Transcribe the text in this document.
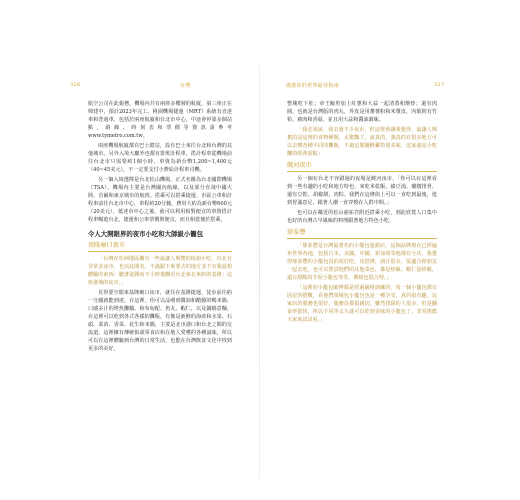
326	台灣	漫遊你的世界最佳指南	327

航空公司在此報務，機場內共有兩座多樓層的航廈，第三座正在興建中，預計2023年完工。桃園機場捷運（MRT）系統有直達車和普通車，包括於兩座航廈和台北市中心，中途會停靠多個站點，路線、時刻表和票價等資訊請參考www.tymetro.com.tw。

兩座機場航廈都有巴士總站，設有巴士來往台北和台灣的其他城市。另外入境大廳外也都有排班計程車，搭計程車從機場前往台北市只需要約1個小時，車資為新台幣1,200~1,400元（40~45美元），不一定要支付小費給計程車司機。

另一個入境選擇是台北松山機場，正式名稱為台北國際機場（TSA），機場內主要是台灣國內航線，以及部分直飛中國大陸、首爾和東京城市的航班。搭乘可以搭乘捷運、市區公車和計程車前往台北市中心，車程約20分鐘，費用大約為新台幣600元（20美元），抵達市中心之後，就可以利用相對便宜的車資搭計程車暢遊台北，捷運和公車票價則便宜，而且相當便於搭乘。

令人大開眼界的夜市小吃和大師級小籠包
基隆廟口夜市

「台灣在亞洲地區擁有一些最讓人興奮的街頭小吃，台北有非常多夜市，也以此聞名，不過跟下來要去的地方並不有我最想體驗的東西：聽著滋潤而不小時後觀看台北東北來約的基隆」這座港城的夜市。」

見得要空閒來基隆廟口夜市，就住在基隆捷運，徒步前往約一分鐘就能到達，在這裡，你可以品嚐到醬油和醋燒的鴨米腸、口感多汁的烤魚攤鵝、和布甸配、魚丸、蝦仁，以及鍋燒意麵，在這裡可以吃到各式各樣的攤販，有像是新鮮的海產和水果、石頭、菜苗、香菜、花生和米腸，主要是北市港口和台北之間的交流道，這裡擁有傳統街頭零食店和在地人愛嚐的各種滋味，所以可以在這裡體驗到台灣的日常生活，也能在台灣飲食文化中找到更多的美好。

整塊吃下肚；章王鯨魚加上紅蔥和大蒜一起清蒸和燴炒；還有肉圓，也就是台灣版的肉丸，外皮是用蕃薯粉和米漿皮，內餡則有竹筍、豬肉和香菇，並且用大蒜和醬油調味。

「我必須說，我去過不少夜市，但這裡會讓我覺得，最讓人興奮的是這裡的食物種類，太驚豔了，說真的，我真的有很多地方可以去嚐各種不同的攤販，不過這間鹽酥雞特別美味，這家還是小吃攤的經典重點」

饒河夜市

另一個在台北不容錯過的夜場是饒河夜市，「你可以在這裡看到一些有趣的小吃和地方特色，來吃米乾飯、綠豆湯、藥燉排骨、還有豆乾、胡椒餅，肉粽、我們在這條街上可以一直吃到最後，逛到胃滿意足、跟著人潮一直穿梭在人群中間。」

也可以在鄰近的松山慈祐宮附近搭乘小吃，到此欣賞人口集中也好的台灣古早風味的料理跟著地方特色小吃。

鼎泰豐

「鼎泰豐是台灣最著名的小籠包連鎖店，這個品牌現在已經遍布世界各地，包括日本、美國、中國、新加坡等地都有分店，我覺得鼎泰豐的小籠包真的很好吃，皮很薄，湯汁很多，很適合和朋友一起去吃，也可以嘗試他們的其他菜色，像是炒飯、蝦仁蛋炒飯，還有甜點的芋泥小籠包等等，價格也很合理。」

「這裡的小籠包師傅都是經過嚴格訓練的，每一個小籠包都有固定的摺數，看他們現場包小籠包也是一種享受，真的很有趣。這家店的服務也很好，服務員都很親切，雖然排隊的人很多，但是翻桌率很快，所以不用等太久就可以吃到美味的小籠包了，非常推薦大家來試試看。」
